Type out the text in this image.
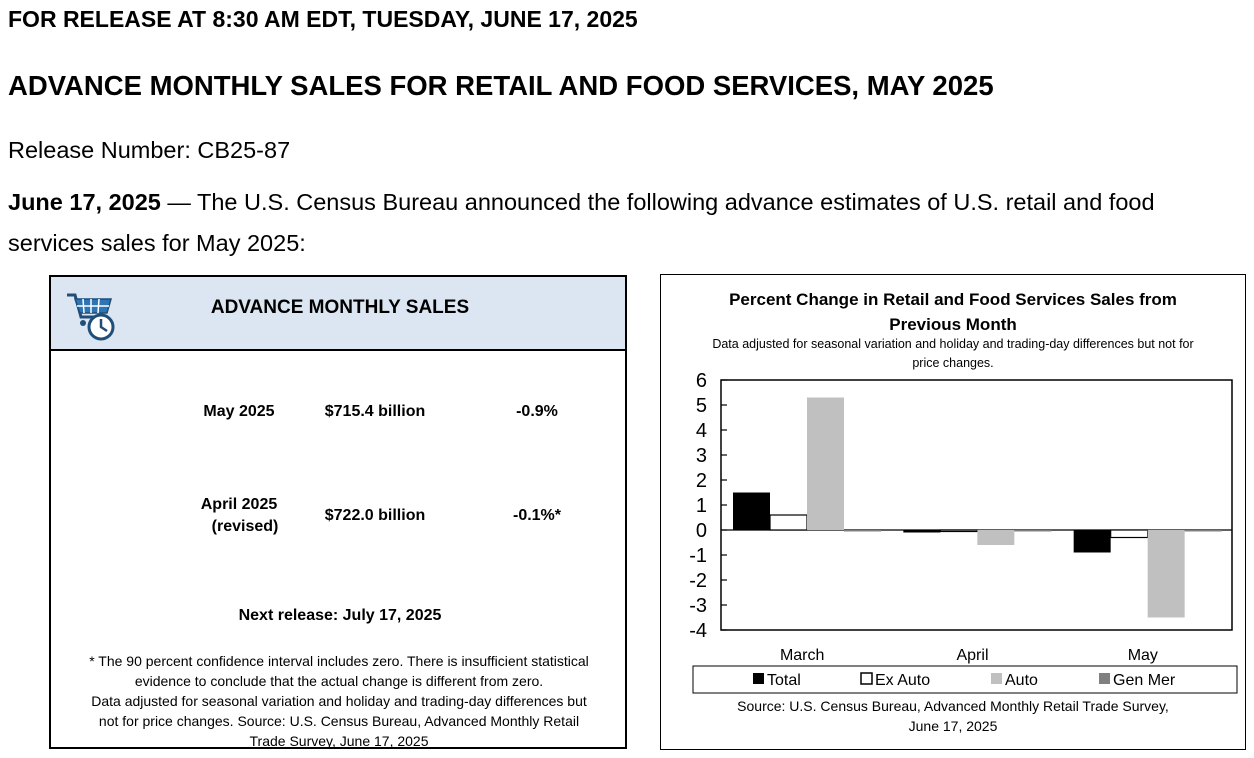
FOR RELEASE AT 8:30 AM EDT, TUESDAY, JUNE 17, 2025
ADVANCE MONTHLY SALES FOR RETAIL AND FOOD SERVICES, MAY 2025
Release Number: CB25-87
June 17, 2025 — The U.S. Census Bureau announced the following advance estimates of U.S. retail and food services sales for May 2025:
ADVANCE MONTHLY SALES
May 2025	$715.4 billion	-0.9%
April 2025
(revised)
$722.0 billion	-0.1%*
Next release: July 17, 2025
* The 90 percent confidence interval includes zero. There is insufficient statistical
evidence to conclude that the actual change is different from zero.
Data adjusted for seasonal variation and holiday and trading-day differences but
not for price changes. Source: U.S. Census Bureau, Advanced Monthly Retail
Trade Survey, June 17, 2025
Percent Change in Retail and Food Services Sales from
Previous Month
Data adjusted for seasonal variation and holiday and trading-day differences but not for
price changes.
-4
-3
-2
-1
0
1
2
3
4
5
6
March	April	May
Total	Ex Auto	Auto	Gen Mer
Source: U.S. Census Bureau, Advanced Monthly Retail Trade Survey,
June 17, 2025
